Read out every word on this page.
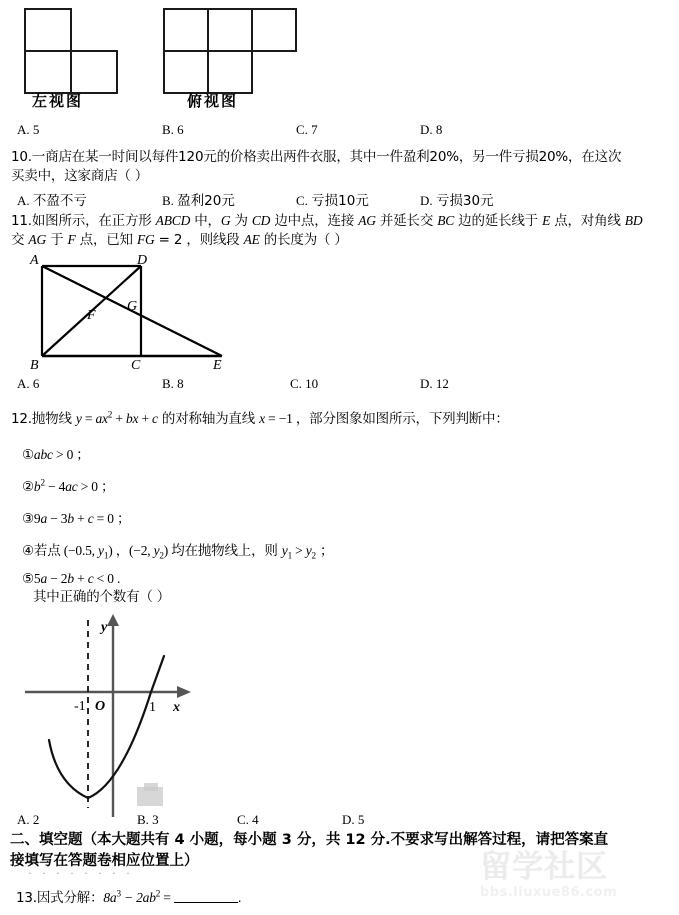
左视图	俯视图
A. 5	B. 6	C. 7	D. 8
10.一商店在某一时间以每件120元的价格卖出两件衣服，其中一件盈利20%，另一件亏损20%，在这次
买卖中，这家商店（ ）
A. 不盈不亏	B. 盈利20元	C. 亏损10元	D. 亏损30元
11.如图所示，在正方形 ABCD 中，G 为 CD 边中点，连接 AG 并延长交 BC 边的延长线于 E 点，对角线 BD
交 AG 于 F 点，已知 FG = 2 ，则线段 AE 的长度为（ ）
A	D
F
G
B	C	E
A. 6	B. 8	C. 10	D. 12
12.抛物线 $y = ax^2$ + bx + c 的对称轴为直线 x = −1 ，部分图象如图所示，下列判断中：
①abc > 0 ；
$②b^2 - 4ac > 0$ ；
③9a − 3b + c = 0 ；
④若点 (−0.5, $y_1$) ，(−2, $y_2$) 均在抛物线上，则 $y_1 > y_2$ ；
⑤5a − 2b + c < 0 .
其中正确的个数有（ ）
y
x
O
-1	1
A. 2	B. 3	C. 4	D. 5
二、填空题（本大题共有 4 小题，每小题 3 分，共 12 分.不要求写出解答过程，请把答案直
接填写在答题卷相应位置上）
· · · · · · · ·
13.因式分解：$8a^3 - 2ab^2$ =	.
留学社区
bbs.liuxue86.com
